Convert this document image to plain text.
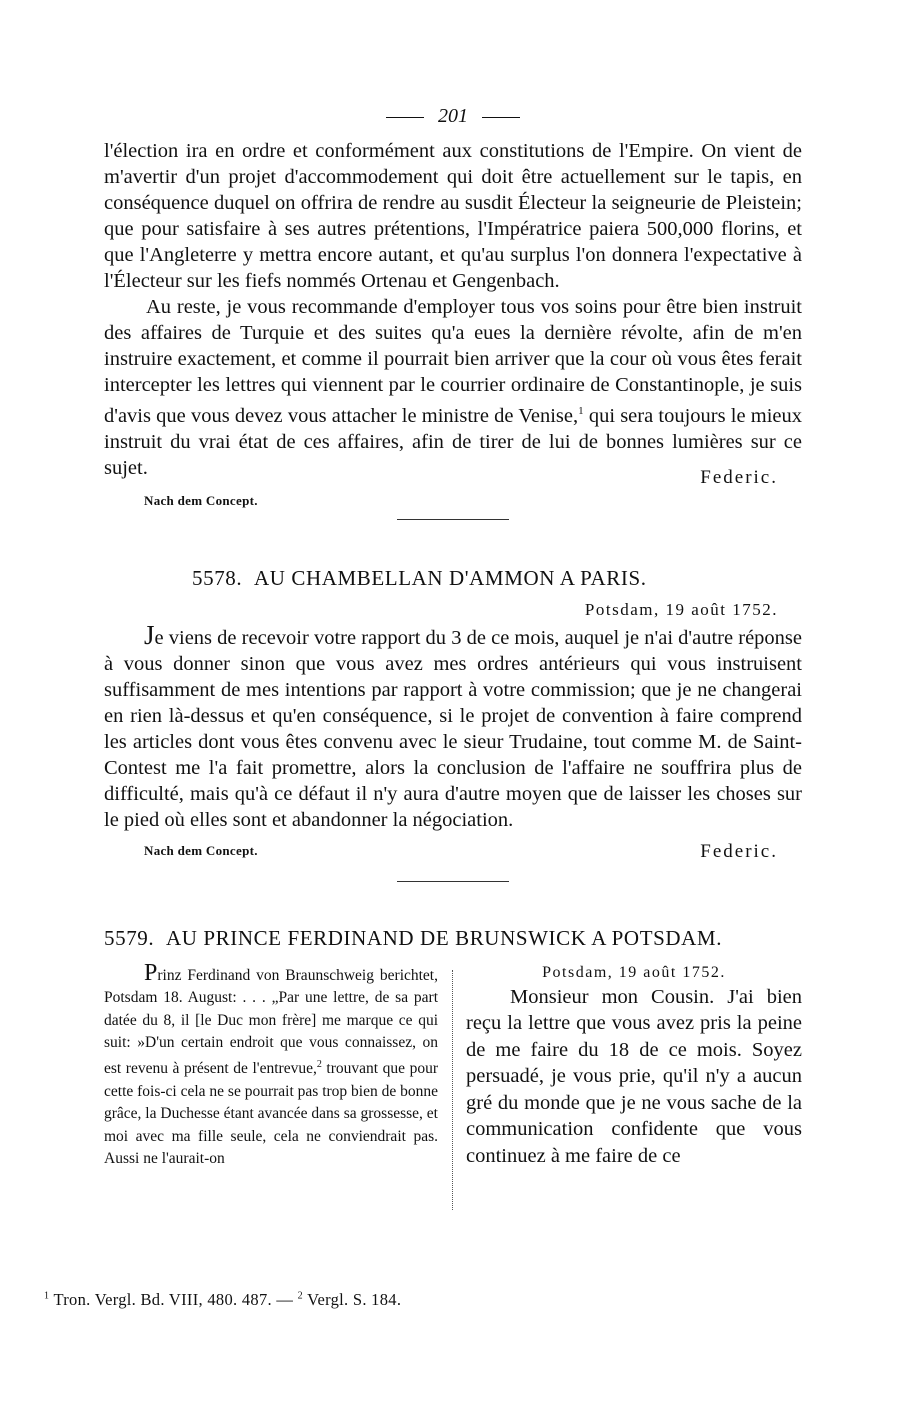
201

l'élection ira en ordre et conformément aux constitutions de l'Empire. On vient de m'avertir d'un projet d'accommodement qui doit être actuellement sur le tapis, en conséquence duquel on offrira de rendre au susdit Électeur la seigneurie de Pleistein; que pour satisfaire à ses autres prétentions, l'Impératrice paiera 500,000 florins, et que l'Angleterre y mettra encore autant, et qu'au surplus l'on donnera l'expectative à l'Électeur sur les fiefs nommés Ortenau et Gengenbach.

Au reste, je vous recommande d'employer tous vos soins pour être bien instruit des affaires de Turquie et des suites qu'a eues la dernière révolte, afin de m'en instruire exactement, et comme il pourrait bien arriver que la cour où vous êtes ferait intercepter les lettres qui viennent par le courrier ordinaire de Constantinople, je suis d'avis que vous devez vous attacher le ministre de Venise,$^1$ qui sera toujours le mieux instruit du vrai état de ces affaires, afin de tirer de lui de bonnes lumières sur ce sujet.	Federic.
Nach dem Concept.
5578. AU CHAMBELLAN D'AMMON A PARIS.
Potsdam, 19 août 1752.

Je viens de recevoir votre rapport du 3 de ce mois, auquel je n'ai d'autre réponse à vous donner sinon que vous avez mes ordres antérieurs qui vous instruisent suffisamment de mes intentions par rapport à votre commission; que je ne changerai en rien là-dessus et qu'en conséquence, si le projet de convention à faire comprend les articles dont vous êtes convenu avec le sieur Trudaine, tout comme M. de Saint-Contest me l'a fait promettre, alors la conclusion de l'affaire ne souffrira plus de difficulté, mais qu'à ce défaut il n'y aura d'autre moyen que de laisser les choses sur le pied où elles sont et abandonner la négociation.

Nach dem Concept.	Federic.
5579. AU PRINCE FERDINAND DE BRUNSWICK A POTSDAM.
Prinz Ferdinand von Braunschweig berichtet, Potsdam 18. August: . . . „Par une lettre, de sa part datée du 8, il [le Duc mon frère] me marque ce qui suit: »D'un certain endroit que vous connaissez, on est revenu à présent de l'entrevue,$^2$ trouvant que pour cette fois-ci cela ne se pourrait pas trop bien de bonne grâce, la Duchesse étant avancée dans sa grossesse, et moi avec ma fille seule, cela ne conviendrait pas. Aussi ne l'aurait-on
Potsdam, 19 août 1752.
Monsieur mon Cousin. J'ai bien reçu la lettre que vous avez pris la peine de me faire du 18 de ce mois. Soyez persuadé, je vous prie, qu'il n'y a aucun gré du monde que je ne vous sache de la communication confidente que vous continuez à me faire de ce
$^1$ Tron. Vergl. Bd. VIII, 480. 487. — $^2$ Vergl. S. 184.
